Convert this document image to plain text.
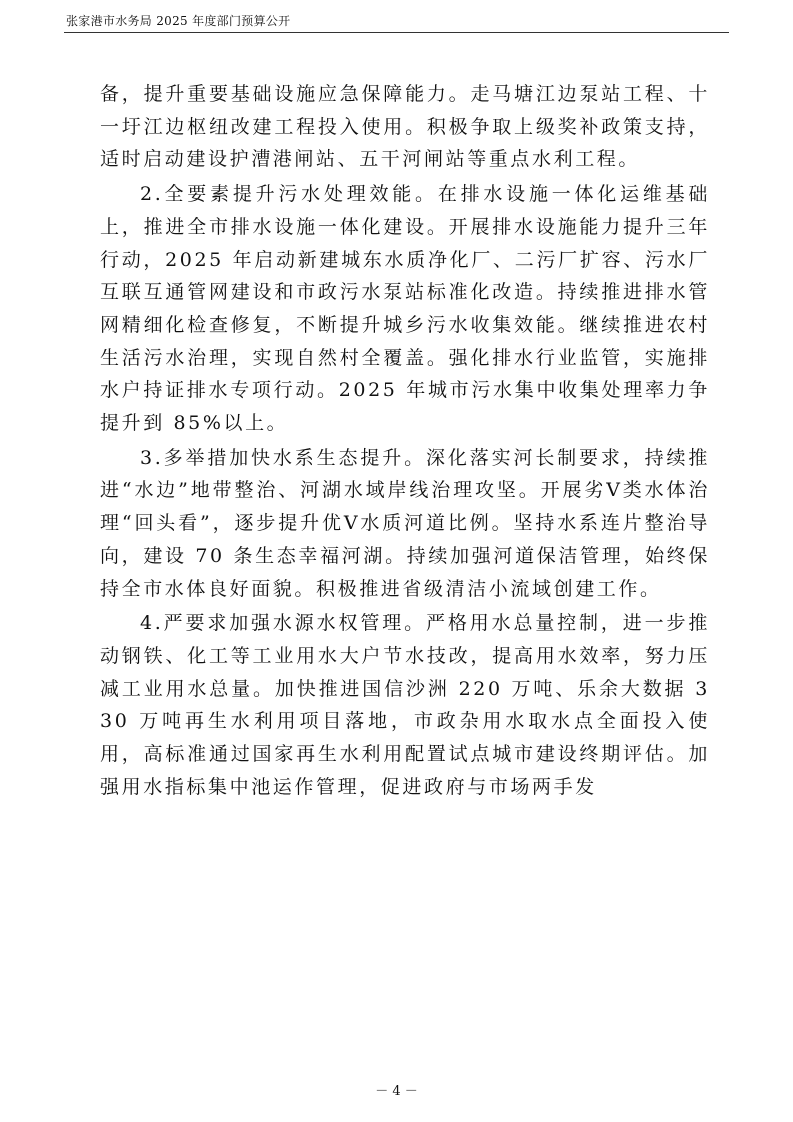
张家港市水务局 2025 年度部门预算公开

备，提升重要基础设施应急保障能力。走马塘江边泵站工程、十一圩江边枢纽改建工程投入使用。积极争取上级奖补政策支持，适时启动建设护漕港闸站、五干河闸站等重点水利工程。

2.全要素提升污水处理效能。在排水设施一体化运维基础上，推进全市排水设施一体化建设。开展排水设施能力提升三年行动，2025 年启动新建城东水质净化厂、二污厂扩容、污水厂互联互通管网建设和市政污水泵站标准化改造。持续推进排水管网精细化检查修复，不断提升城乡污水收集效能。继续推进农村生活污水治理，实现自然村全覆盖。强化排水行业监管，实施排水户持证排水专项行动。2025 年城市污水集中收集处理率力争提升到 85%以上。

3.多举措加快水系生态提升。深化落实河长制要求，持续推进“水边”地带整治、河湖水域岸线治理攻坚。开展劣Ⅴ类水体治理“回头看”，逐步提升优Ⅴ水质河道比例。坚持水系连片整治导向，建设 70 条生态幸福河湖。持续加强河道保洁管理，始终保持全市水体良好面貌。积极推进省级清洁小流域创建工作。

4.严要求加强水源水权管理。严格用水总量控制，进一步推动钢铁、化工等工业用水大户节水技改，提高用水效率，努力压减工业用水总量。加快推进国信沙洲 220 万吨、乐余大数据 330 万吨再生水利用项目落地，市政杂用水取水点全面投入使用，高标准通过国家再生水利用配置试点城市建设终期评估。加强用水指标集中池运作管理，促进政府与市场两手发

－ 4 －
